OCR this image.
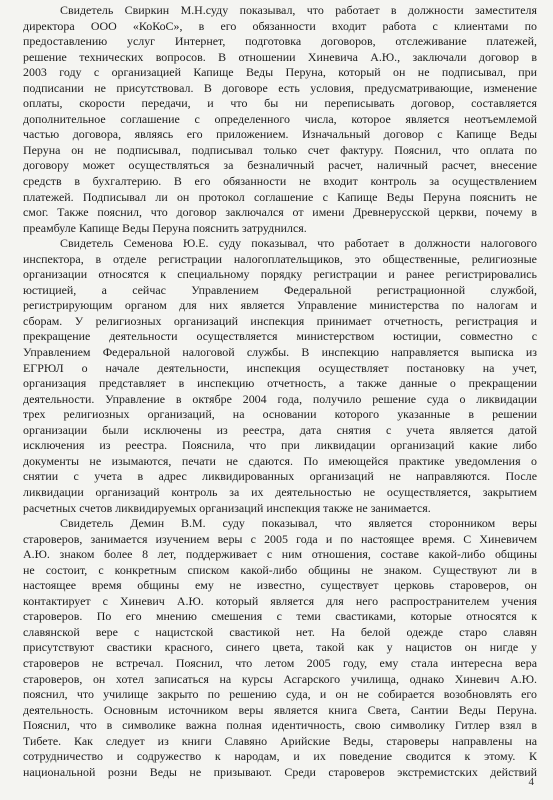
Свидетель Свиркин М.Н.суду показывал, что работает в должности заместителя
директора ООО «КоКоС», в его обязанности входит работа с клиентами по
предоставлению услуг Интернет, подготовка договоров, отслеживание платежей,
решение технических вопросов. В отношении Хиневича А.Ю., заключали договор в
2003 году с организацией Капище Веды Перуна, который он не подписывал, при
подписании не присутствовал. В договоре есть условия, предусматривающие, изменение
оплаты, скорости передачи, и что бы ни переписывать договор, составляется
дополнительное соглашение с определенного числа, которое является неотъемлемой
частью договора, являясь его приложением. Изначальный договор с Капище Веды
Перуна он не подписывал, подписывал только счет фактуру. Пояснил, что оплата по
договору может осуществляться за безналичный расчет, наличный расчет, внесение
средств в бухгалтерию. В его обязанности не входит контроль за осуществлением
платежей. Подписывал ли он протокол соглашение с Капище Веды Перуна пояснить не
смог. Также пояснил, что договор заключался от имени Древнерусской церкви, почему в
преамбуле Капище Веды Перуна пояснить затруднился.
Свидетель Семенова Ю.Е. суду показывал, что работает в должности налогового
инспектора, в отделе регистрации налогоплательщиков, это общественные, религиозные
организации относятся к специальному порядку регистрации и ранее регистрировались
юстицией, а сейчас Управлением Федеральной регистрационной службой,
регистрирующим органом для них является Управление министерства по налогам и
сборам. У религиозных организаций инспекция принимает отчетность, регистрация и
прекращение деятельности осуществляется министерством юстиции, совместно с
Управлением Федеральной налоговой службы. В инспекцию направляется выписка из
ЕГРЮЛ о начале деятельности, инспекция осуществляет постановку на учет,
организация представляет в инспекцию отчетность, а также данные о прекращении
деятельности. Управление в октябре 2004 года, получило решение суда о ликвидации
трех религиозных организаций, на основании которого указанные в решении
организации были исключены из реестра, дата снятия с учета является датой
исключения из реестра. Пояснила, что при ликвидации организаций какие либо
документы не изымаются, печати не сдаются. По имеющейся практике уведомления о
снятии с учета в адрес ликвидированных организаций не направляются. После
ликвидации организаций контроль за их деятельностью не осуществляется, закрытием
расчетных счетов ликвидируемых организаций инспекция также не занимается.
Свидетель Демин В.М. суду показывал, что является сторонником веры
староверов, занимается изучением веры с 2005 года и по настоящее время. С Хиневичем
А.Ю. знаком более 8 лет, поддерживает с ним отношения, составе какой-либо общины
не состоит, с конкретным списком какой-либо общины не знаком. Существуют ли в
настоящее время общины ему не известно, существует церковь староверов, он
контактирует с Хиневич А.Ю. который является для него распространителем учения
староверов. По его мнению смешения с теми свастиками, которые относятся к
славянской вере с нацистской свастикой нет. На белой одежде старо славян
присутствуют свастики красного, синего цвета, такой как у нацистов он нигде у
староверов не встречал. Пояснил, что летом 2005 году, ему стала интересна вера
староверов, он хотел записаться на курсы Асгарского училища, однако Хиневич А.Ю.
пояснил, что училище закрыто по решению суда, и он не собирается возобновлять его
деятельность. Основным источником веры является книга Света, Сантии Веды Перуна.
Пояснил, что в символике важна полная идентичность, свою символику Гитлер взял в
Тибете. Как следует из книги Славяно Арийские Веды, староверы направлены на
сотрудничество и содружество к народам, и их поведение сводится к этому. К
национальной розни Веды не призывают. Среди староверов экстремистских действий
4
